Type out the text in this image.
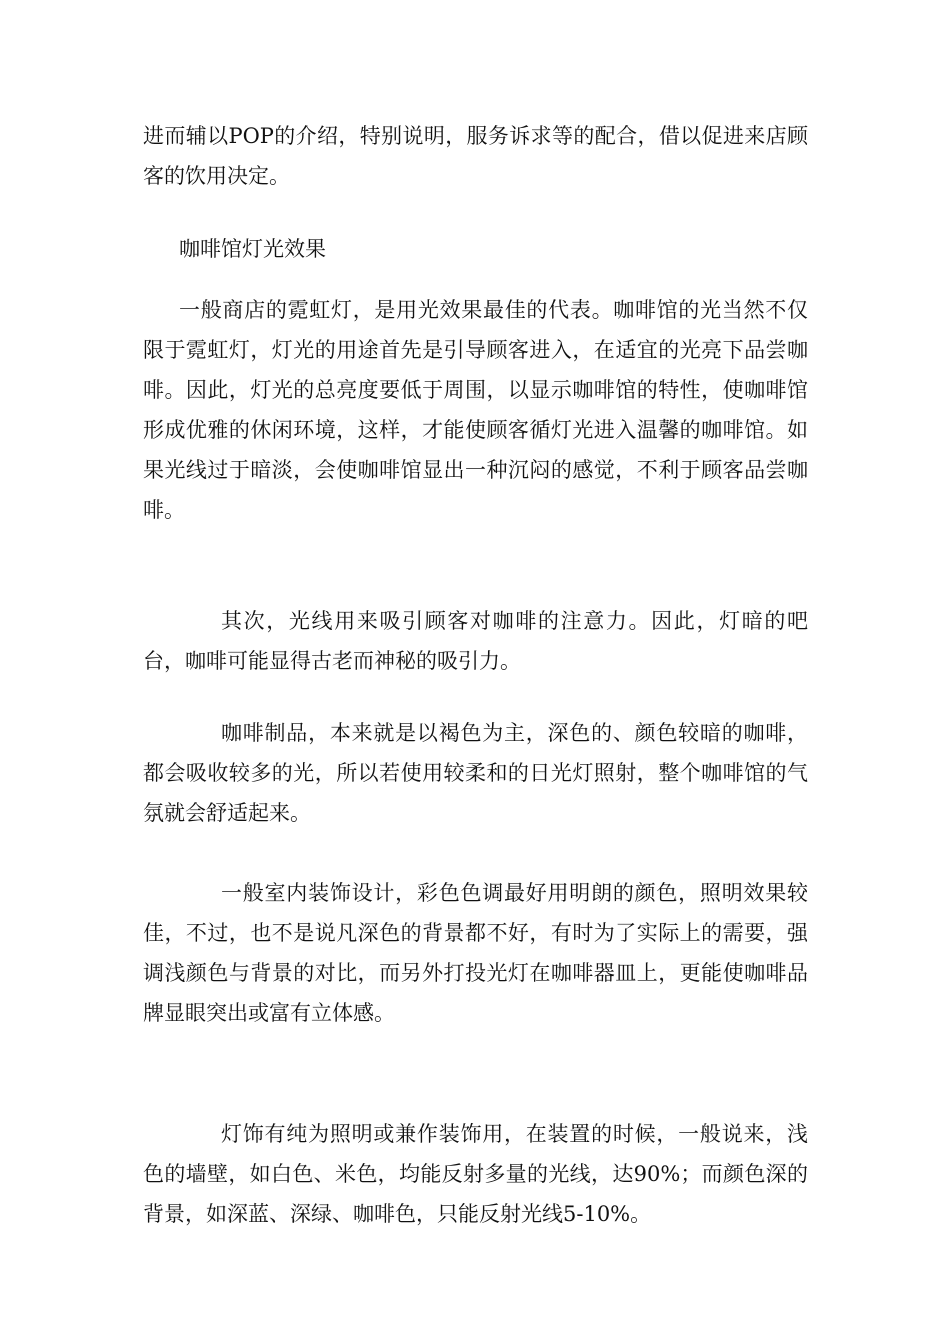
进而辅以POP的介绍，特别说明，服务诉求等的配合，借以促进来店顾客的饮用决定。

咖啡馆灯光效果

一般商店的霓虹灯，是用光效果最佳的代表。咖啡馆的光当然不仅限于霓虹灯，灯光的用途首先是引导顾客进入，在适宜的光亮下品尝咖啡。因此，灯光的总亮度要低于周围，以显示咖啡馆的特性，使咖啡馆形成优雅的休闲环境，这样，才能使顾客循灯光进入温馨的咖啡馆。如果光线过于暗淡，会使咖啡馆显出一种沉闷的感觉，不利于顾客品尝咖啡。

其次，光线用来吸引顾客对咖啡的注意力。因此，灯暗的吧台，咖啡可能显得古老而神秘的吸引力。

咖啡制品，本来就是以褐色为主，深色的、颜色较暗的咖啡，都会吸收较多的光，所以若使用较柔和的日光灯照射，整个咖啡馆的气氛就会舒适起来。

一般室内装饰设计，彩色色调最好用明朗的颜色，照明效果较佳，不过，也不是说凡深色的背景都不好，有时为了实际上的需要，强调浅颜色与背景的对比，而另外打投光灯在咖啡器皿上，更能使咖啡品牌显眼突出或富有立体感。

灯饰有纯为照明或兼作装饰用，在装置的时候，一般说来，浅色的墙壁，如白色、米色，均能反射多量的光线，达90%；而颜色深的背景，如深蓝、深绿、咖啡色，只能反射光线5-10%。
